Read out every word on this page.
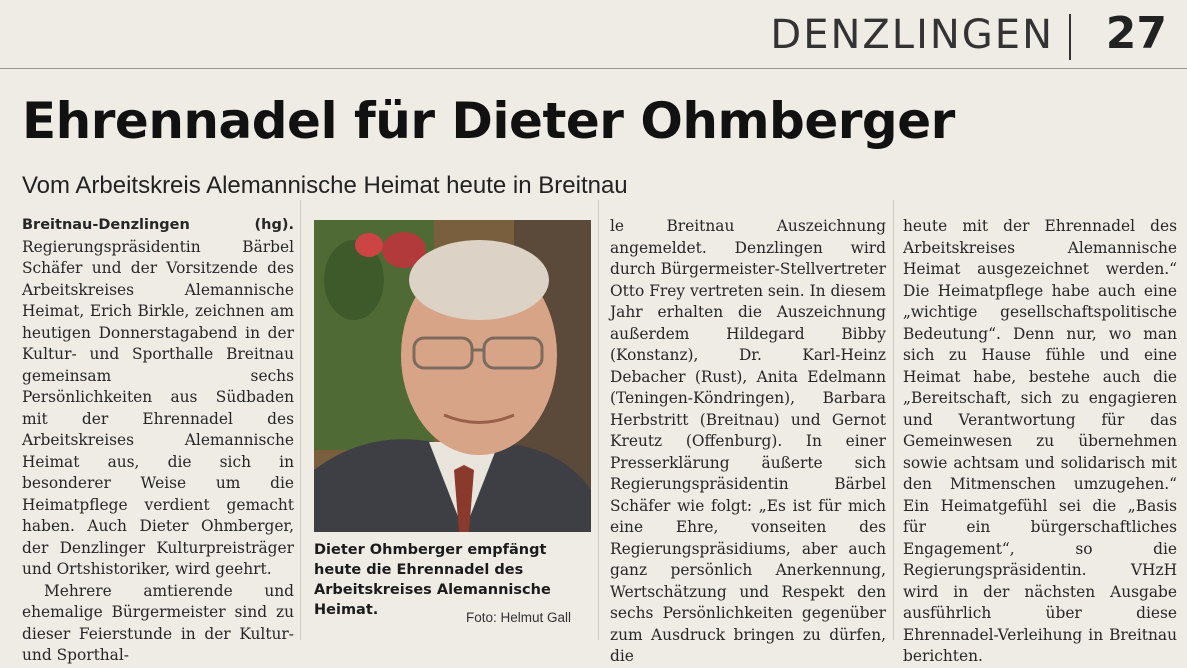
DENZLINGEN 27
Ehrennadel für Dieter Ohmberger
Vom Arbeitskreis Alemannische Heimat heute in Breitnau

Breitnau-Denzlingen (hg). Regierungspräsidentin Bärbel Schäfer und der Vorsitzende des Arbeitskreises Alemannische Heimat, Erich Birkle, zeichnen am heutigen Donnerstagabend in der Kultur- und Sporthalle Breitnau gemeinsam sechs Persönlichkeiten aus Südbaden mit der Ehrennadel des Arbeitskreises Alemannische Heimat aus, die sich in besonderer Weise um die Heimatpflege verdient gemacht haben. Auch Dieter Ohmberger, der Denzlinger Kulturpreisträger und Ortshistoriker, wird geehrt.

Mehrere amtierende und ehemalige Bürgermeister sind zu dieser Feierstunde in der Kultur- und Sporthal-

Dieter Ohmberger empfängt heute die Ehrennadel des Arbeitskreises Alemannische Heimat.	Foto: Helmut Gall

le Breitnau Auszeichnung angemeldet. Denzlingen wird durch Bürgermeister-Stellvertreter Otto Frey vertreten sein. In diesem Jahr erhalten die Auszeichnung außerdem Hildegard Bibby (Konstanz), Dr. Karl-Heinz Debacher (Rust), Anita Edelmann (Teningen-Köndringen), Barbara Herbstritt (Breitnau) und Gernot Kreutz (Offenburg). In einer Presserklärung äußerte sich Regierungspräsidentin Bärbel Schäfer wie folgt: „Es ist für mich eine Ehre, vonseiten des Regierungspräsidiums, aber auch ganz persönlich Anerkennung, Wertschätzung und Respekt den sechs Persönlichkeiten gegenüber zum Ausdruck bringen zu dürfen, die

heute mit der Ehrennadel des Arbeitskreises Alemannische Heimat ausgezeichnet werden.“ Die Heimatpflege habe auch eine „wichtige gesellschaftspolitische Bedeutung“. Denn nur, wo man sich zu Hause fühle und eine Heimat habe, bestehe auch die „Bereitschaft, sich zu engagieren und Verantwortung für das Gemeinwesen zu übernehmen sowie achtsam und solidarisch mit den Mitmenschen umzugehen.“ Ein Heimatgefühl sei die „Basis für ein bürgerschaftliches Engagement“, so die Regierungspräsidentin. VHzH wird in der nächsten Ausgabe ausführlich über diese Ehrennadel-Verleihung in Breitnau berichten.
